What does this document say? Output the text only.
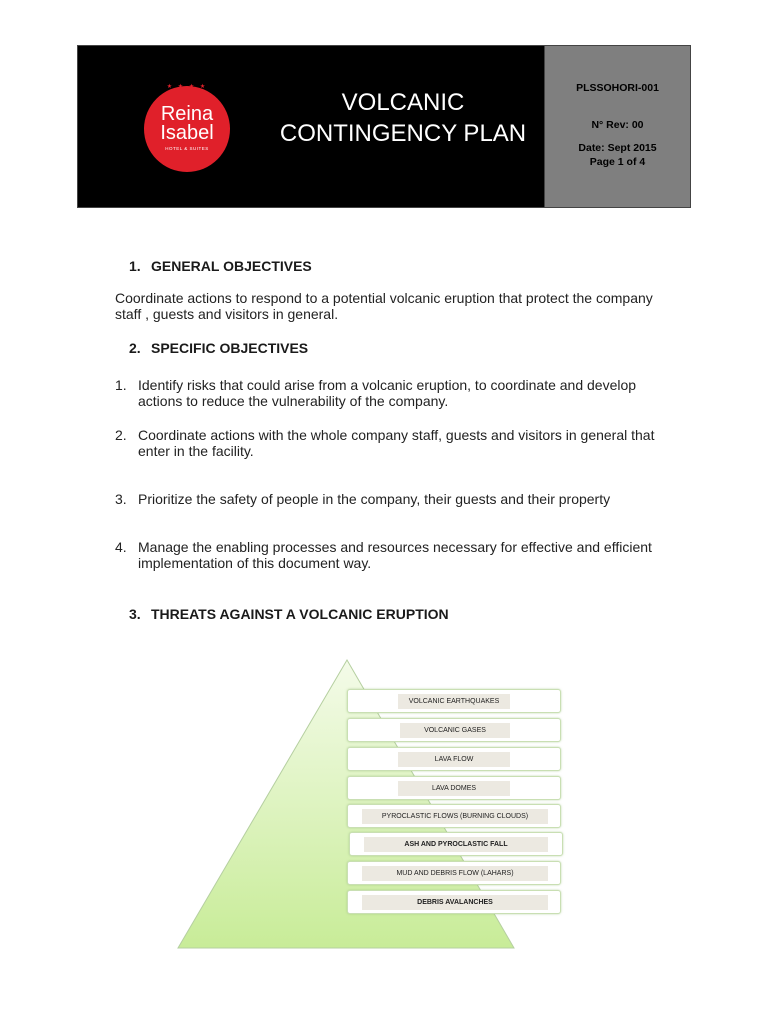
★ ★ ★ ★
Reina
Isabel
HOTEL & SUITES
VOLCANIC
CONTINGENCY PLAN
PLSSOHORI-001
N° Rev: 00
Date: Sept 2015
Page 1 of 4
1. GENERAL OBJECTIVES
Coordinate actions to respond to a potential volcanic eruption that protect the company staff , guests and visitors in general.
2. SPECIFIC OBJECTIVES
1. Identify risks that could arise from a volcanic eruption, to coordinate and develop actions to reduce the vulnerability of the company.
2. Coordinate actions with the whole company staff, guests and visitors in general that enter in the facility.
3. Prioritize the safety of people in the company, their guests and their property
4. Manage the enabling processes and resources necessary for effective and efficient implementation of this document way.
3. THREATS AGAINST A VOLCANIC ERUPTION
VOLCANIC EARTHQUAKES
VOLCANIC GASES
LAVA FLOW
LAVA DOMES
PYROCLASTIC FLOWS (BURNING CLOUDS)
ASH AND PYROCLASTIC FALL
MUD AND DEBRIS FLOW (LAHARS)
DEBRIS AVALANCHES
